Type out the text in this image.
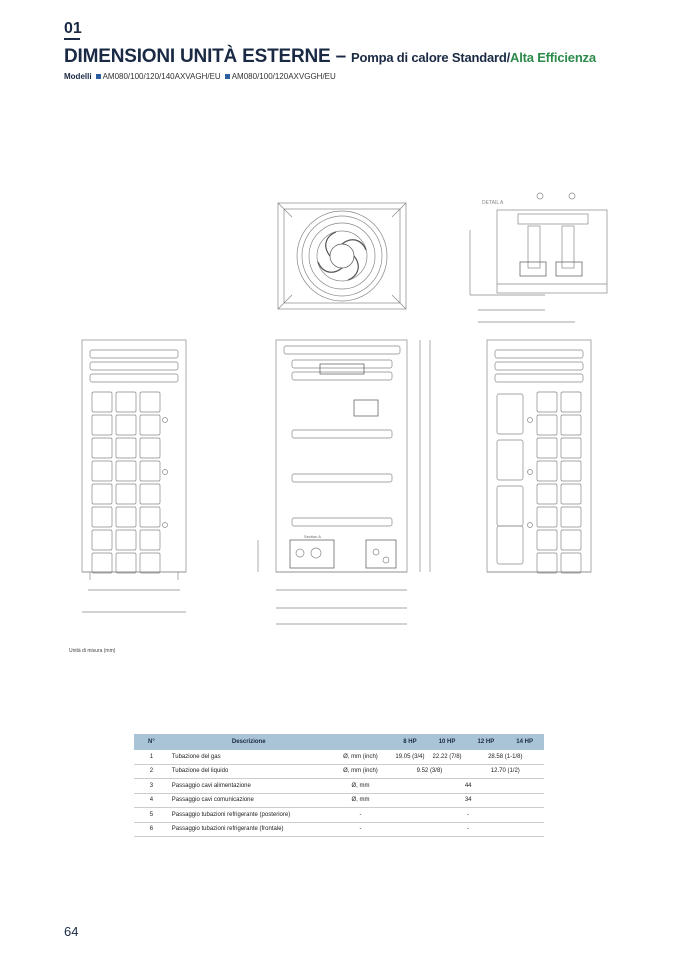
01
DIMENSIONI UNITÀ ESTERNE – Pompa di calore Standard/Alta Efficienza
Modelli AM080/100/120/140AXVAGH/EU AM080/100/120AXVGGH/EU
DETAIL A
Section A
Unità di misura (mm)
N°	Descrizione		8 HP	10 HP	12 HP	14 HP
1	Tubazione del gas	Ø, mm (inch)	19.05 (3/4)	22.22 (7/8)	28.58 (1-1/8)	
2	Tubazione del liquido	Ø, mm (inch)	9.52 (3/8)		12.70 (1/2)	
3	Passaggio cavi alimentazione	Ø, mm	44			
4	Passaggio cavi comunicazione	Ø, mm	34			
5	Passaggio tubazioni refrigerante (posteriore)	-	-			
6	Passaggio tubazioni refrigerante (frontale)	-	-			
64
